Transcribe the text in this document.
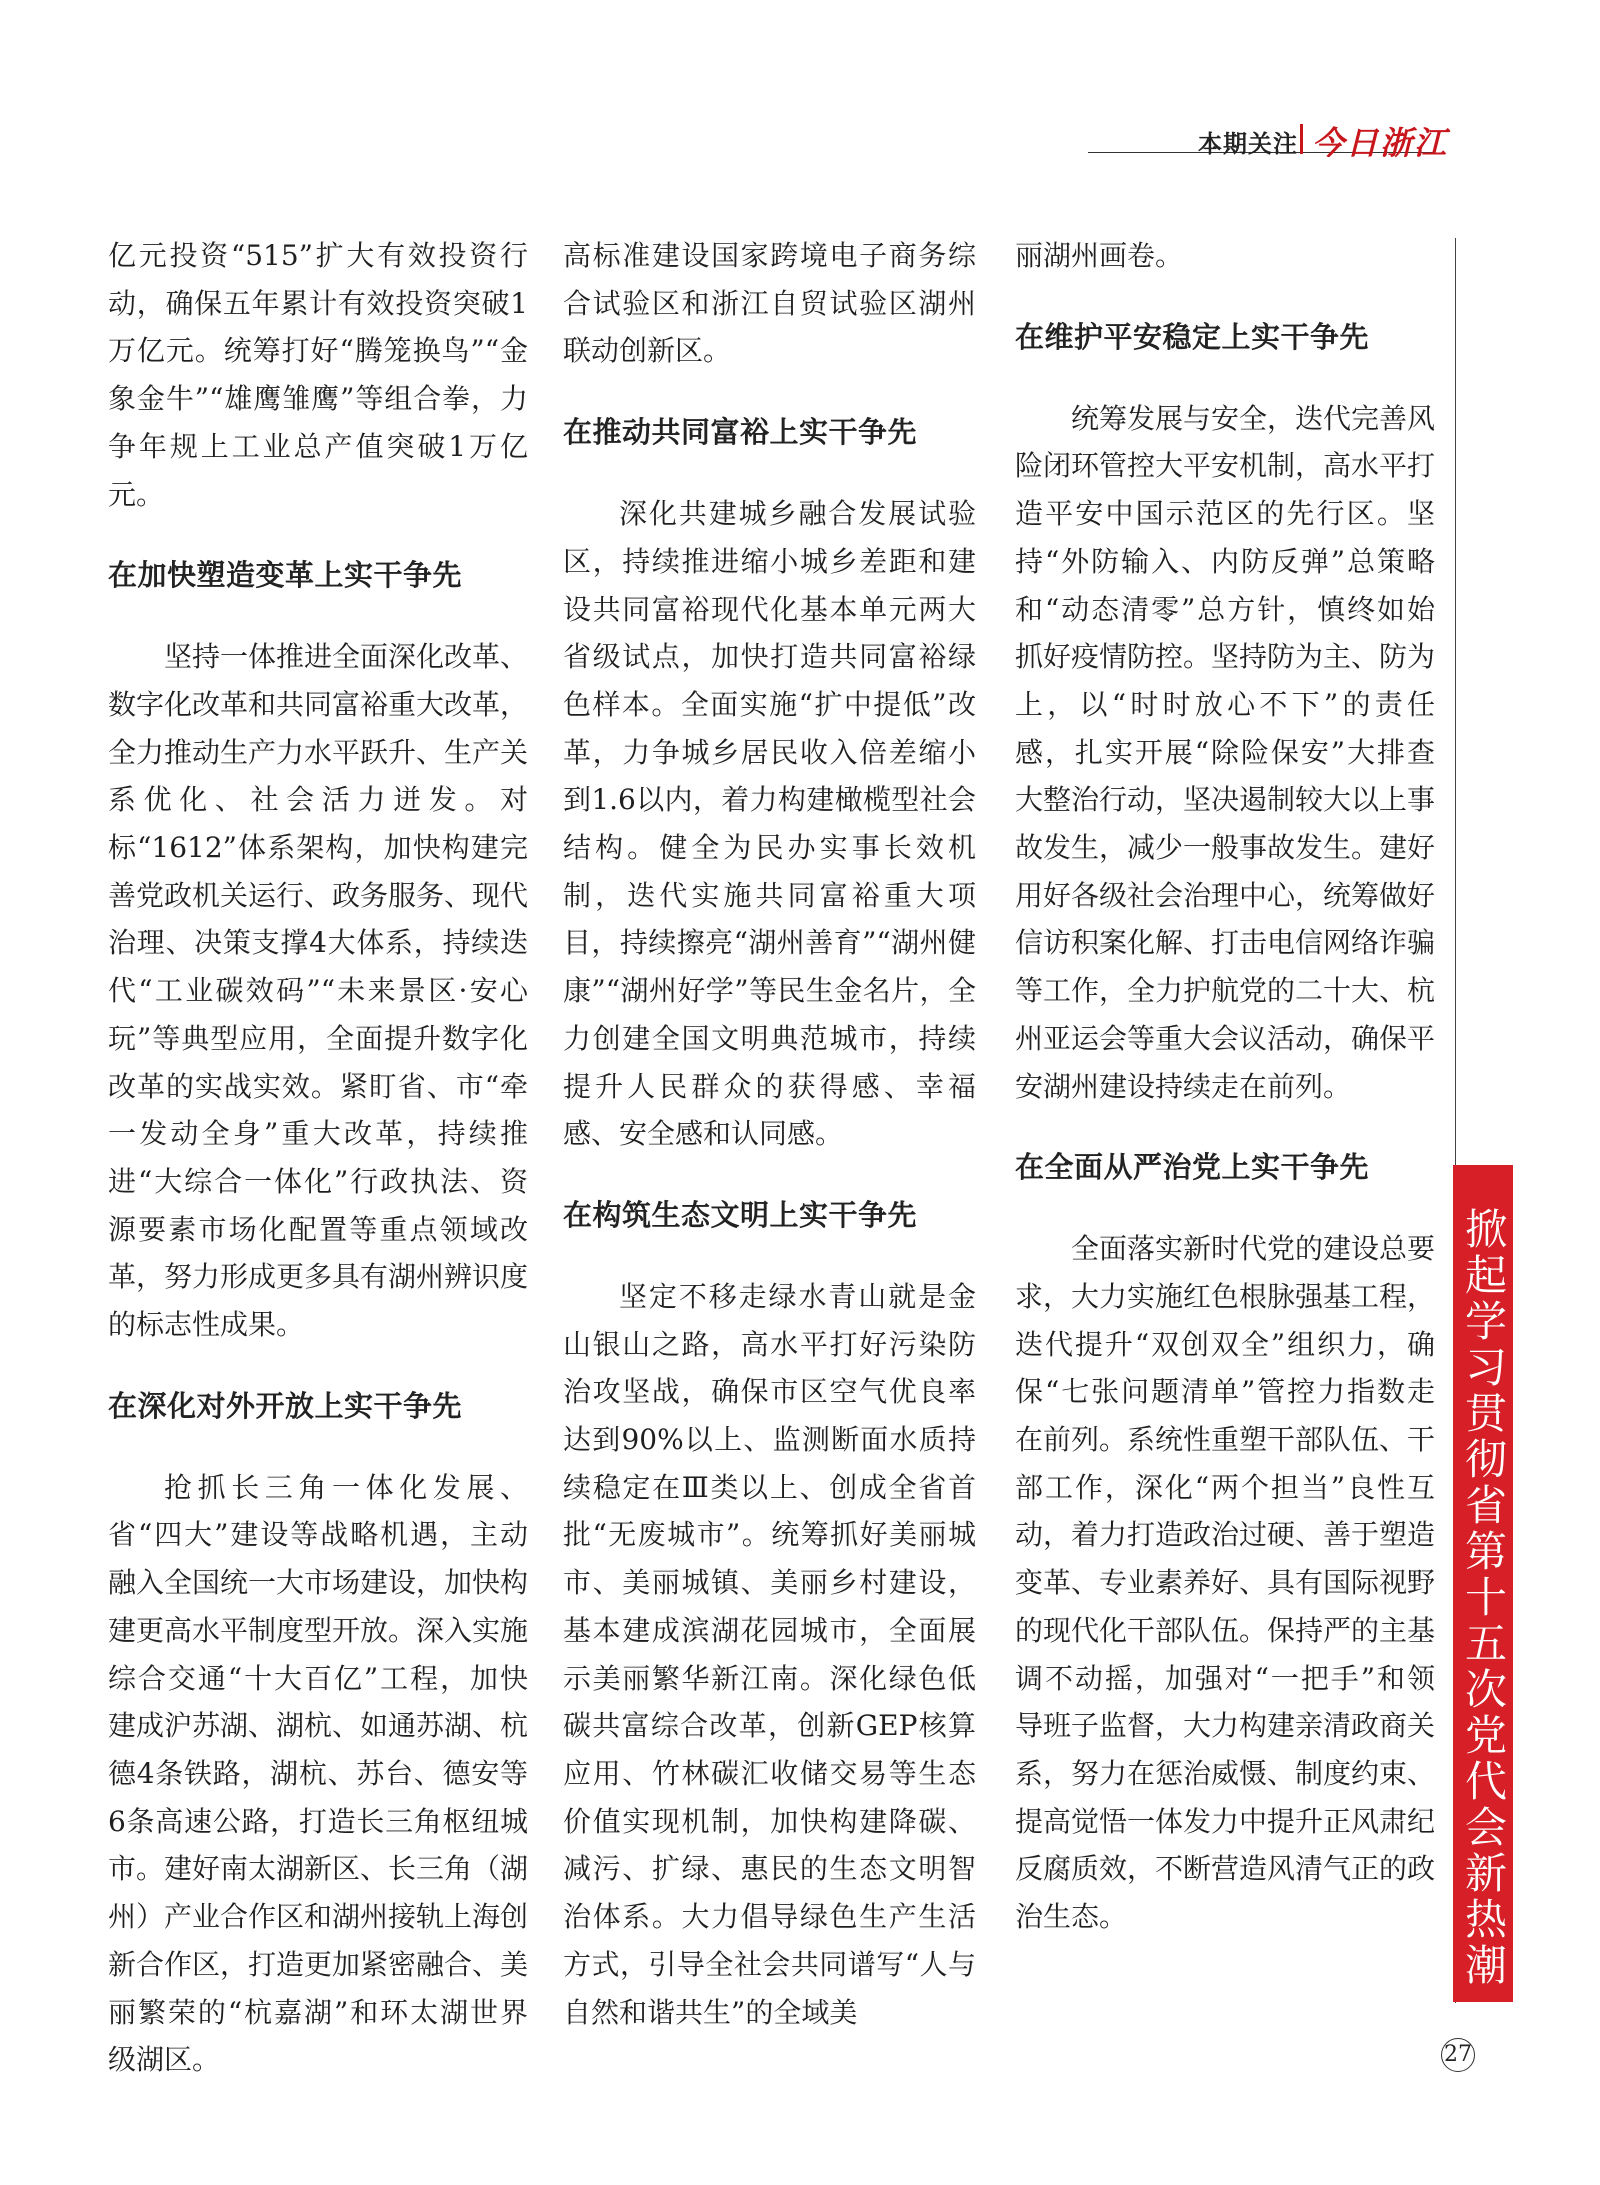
本期关注 今日浙江

亿元投资“515”扩大有效投资行动，确保五年累计有效投资突破1万亿元。统筹打好“腾笼换鸟”“金象金牛”“雄鹰雏鹰”等组合拳，力争年规上工业总产值突破1万亿元。

在加快塑造变革上实干争先

坚持一体推进全面深化改革、数字化改革和共同富裕重大改革，全力推动生产力水平跃升、生产关系优化、社会活力迸发。对标“1612”体系架构，加快构建完善党政机关运行、政务服务、现代治理、决策支撑4大体系，持续迭代“工业碳效码”“未来景区·安心玩”等典型应用，全面提升数字化改革的实战实效。紧盯省、市“牵一发动全身”重大改革，持续推进“大综合一体化”行政执法、资源要素市场化配置等重点领域改革，努力形成更多具有湖州辨识度的标志性成果。

在深化对外开放上实干争先

抢抓长三角一体化发展、省“四大”建设等战略机遇，主动融入全国统一大市场建设，加快构建更高水平制度型开放。深入实施综合交通“十大百亿”工程，加快建成沪苏湖、湖杭、如通苏湖、杭德4条铁路，湖杭、苏台、德安等6条高速公路，打造长三角枢纽城市。建好南太湖新区、长三角（湖州）产业合作区和湖州接轨上海创新合作区，打造更加紧密融合、美丽繁荣的“杭嘉湖”和环太湖世界级湖区。

高标准建设国家跨境电子商务综合试验区和浙江自贸试验区湖州联动创新区。

在推动共同富裕上实干争先

深化共建城乡融合发展试验区，持续推进缩小城乡差距和建设共同富裕现代化基本单元两大省级试点，加快打造共同富裕绿色样本。全面实施“扩中提低”改革，力争城乡居民收入倍差缩小到1.6以内，着力构建橄榄型社会结构。健全为民办实事长效机制，迭代实施共同富裕重大项目，持续擦亮“湖州善育”“湖州健康”“湖州好学”等民生金名片，全力创建全国文明典范城市，持续提升人民群众的获得感、幸福感、安全感和认同感。

在构筑生态文明上实干争先

坚定不移走绿水青山就是金山银山之路，高水平打好污染防治攻坚战，确保市区空气优良率达到90%以上、监测断面水质持续稳定在Ⅲ类以上、创成全省首批“无废城市”。统筹抓好美丽城市、美丽城镇、美丽乡村建设，基本建成滨湖花园城市，全面展示美丽繁华新江南。深化绿色低碳共富综合改革，创新GEP核算应用、竹林碳汇收储交易等生态价值实现机制，加快构建降碳、减污、扩绿、惠民的生态文明智治体系。大力倡导绿色生产生活方式，引导全社会共同谱写“人与自然和谐共生”的全域美

丽湖州画卷。

在维护平安稳定上实干争先

统筹发展与安全，迭代完善风险闭环管控大平安机制，高水平打造平安中国示范区的先行区。坚持“外防输入、内防反弹”总策略和“动态清零”总方针，慎终如始抓好疫情防控。坚持防为主、防为上，以“时时放心不下”的责任感，扎实开展“除险保安”大排查大整治行动，坚决遏制较大以上事故发生，减少一般事故发生。建好用好各级社会治理中心，统筹做好信访积案化解、打击电信网络诈骗等工作，全力护航党的二十大、杭州亚运会等重大会议活动，确保平安湖州建设持续走在前列。

在全面从严治党上实干争先

全面落实新时代党的建设总要求，大力实施红色根脉强基工程，迭代提升“双创双全”组织力，确保“七张问题清单”管控力指数走在前列。系统性重塑干部队伍、干部工作，深化“两个担当”良性互动，着力打造政治过硬、善于塑造变革、专业素养好、具有国际视野的现代化干部队伍。保持严的主基调不动摇，加强对“一把手”和领导班子监督，大力构建亲清政商关系，努力在惩治威慑、制度约束、提高觉悟一体发力中提升正风肃纪反腐质效，不断营造风清气正的政治生态。	掀起学习贯彻省第十五次党代会新热潮
27
